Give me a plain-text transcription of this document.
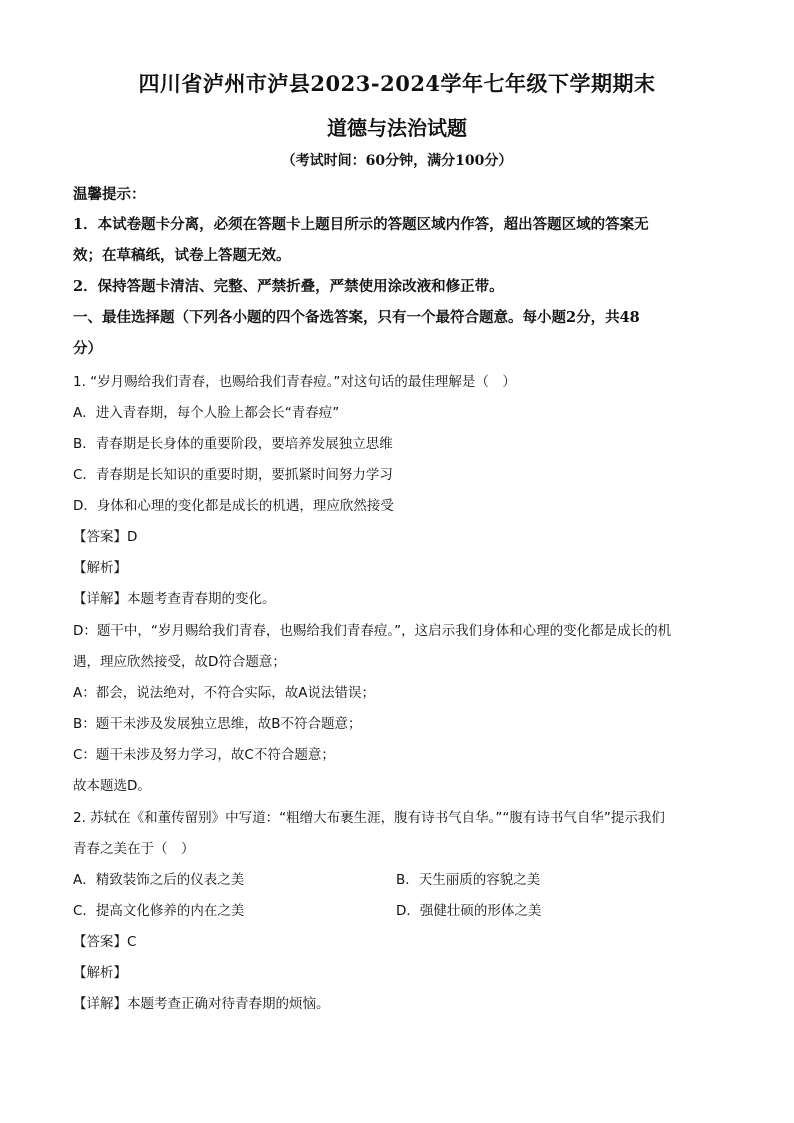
四川省泸州市泸县2023-2024学年七年级下学期期末
道德与法治试题
（考试时间：60分钟，满分100分）
温馨提示：
1．本试卷题卡分离，必须在答题卡上题目所示的答题区域内作答，超出答题区域的答案无
效；在草稿纸，试卷上答题无效。
2．保持答题卡清洁、完整、严禁折叠，严禁使用涂改液和修正带。
一、最佳选择题（下列各小题的四个备选答案，只有一个最符合题意。每小题2分，共48
分）
1. “岁月赐给我们青春，也赐给我们青春痘。”对这句话的最佳理解是（　）
A．进入青春期，每个人脸上都会长“青春痘”
B．青春期是长身体的重要阶段，要培养发展独立思维
C．青春期是长知识的重要时期，要抓紧时间努力学习
D．身体和心理的变化都是成长的机遇，理应欣然接受
【答案】D
【解析】
【详解】本题考查青春期的变化。
D：题干中，“岁月赐给我们青春，也赐给我们青春痘。”，这启示我们身体和心理的变化都是成长的机
遇，理应欣然接受，故D符合题意；
A：都会，说法绝对，不符合实际，故A说法错误；
B：题干未涉及发展独立思维，故B不符合题意；
C：题干未涉及努力学习，故C不符合题意；
故本题选D。
2. 苏轼在《和董传留别》中写道：“粗缯大布裹生涯，腹有诗书气自华。”“腹有诗书气自华”提示我们
青春之美在于（　）
A．精致装饰之后的仪表之美	B．天生丽质的容貌之美
C．提高文化修养的内在之美	D．强健壮硕的形体之美
【答案】C
【解析】
【详解】本题考查正确对待青春期的烦恼。
